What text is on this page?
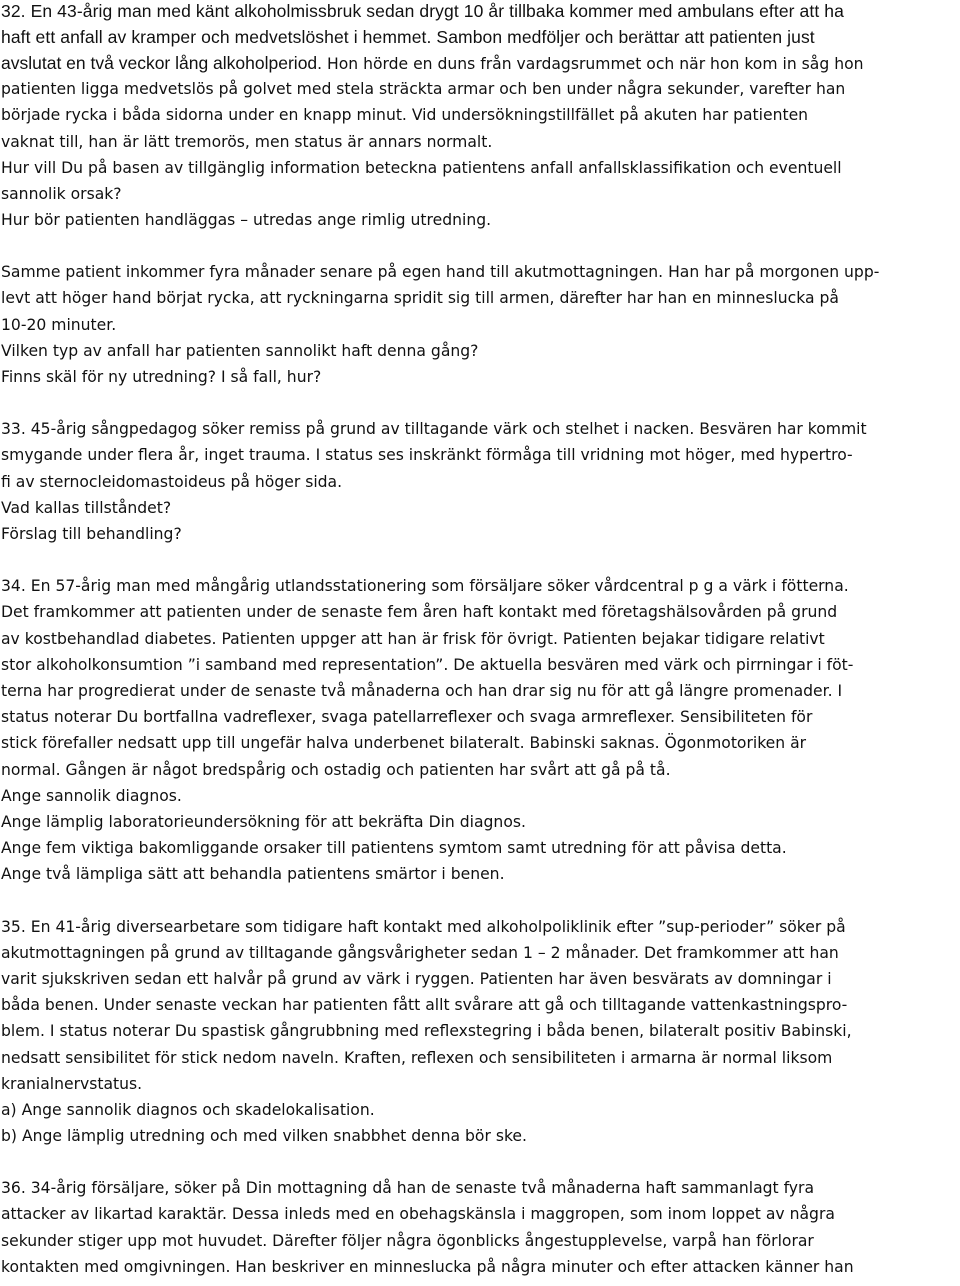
32. En 43-årig man med känt alkoholmissbruk sedan drygt 10 år tillbaka kommer med ambulans efter att ha
haft ett anfall av kramper och medvetslöshet i hemmet. Sambon medföljer och berättar att patienten just
avslutat en två veckor lång alkoholperiod. Hon hörde en duns från vardagsrummet och när hon kom in såg hon
patienten ligga medvetslös på golvet med stela sträckta armar och ben under några sekunder, varefter han
började rycka i båda sidorna under en knapp minut. Vid undersökningstillfället på akuten har patienten
vaknat till, han är lätt tremorös, men status är annars normalt.
Hur vill Du på basen av tillgänglig information beteckna patientens anfall anfallsklassifikation och eventuell
sannolik orsak?
Hur bör patienten handläggas – utredas ange rimlig utredning.
Samme patient inkommer fyra månader senare på egen hand till akutmottagningen. Han har på morgonen upp-
levt att höger hand börjat rycka, att ryckningarna spridit sig till armen, därefter har han en minneslucka på
10-20 minuter.
Vilken typ av anfall har patienten sannolikt haft denna gång?
Finns skäl för ny utredning? I så fall, hur?
33. 45-årig sångpedagog söker remiss på grund av tilltagande värk och stelhet i nacken. Besvären har kommit
smygande under flera år, inget trauma. I status ses inskränkt förmåga till vridning mot höger, med hypertro-
fi av sternocleidomastoideus på höger sida.
Vad kallas tillståndet?
Förslag till behandling?
34. En 57-årig man med mångårig utlandsstationering som försäljare söker vårdcentral p g a värk i fötterna.
Det framkommer att patienten under de senaste fem åren haft kontakt med företagshälsovården på grund
av kostbehandlad diabetes. Patienten uppger att han är frisk för övrigt. Patienten bejakar tidigare relativt
stor alkoholkonsumtion ”i samband med representation”. De aktuella besvären med värk och pirrningar i föt-
terna har progredierat under de senaste två månaderna och han drar sig nu för att gå längre promenader. I
status noterar Du bortfallna vadreflexer, svaga patellarreflexer och svaga armreflexer. Sensibiliteten för
stick förefaller nedsatt upp till ungefär halva underbenet bilateralt. Babinski saknas. Ögonmotoriken är
normal. Gången är något bredspårig och ostadig och patienten har svårt att gå på tå.
Ange sannolik diagnos.
Ange lämplig laboratorieundersökning för att bekräfta Din diagnos.
Ange fem viktiga bakomliggande orsaker till patientens symtom samt utredning för att påvisa detta.
Ange två lämpliga sätt att behandla patientens smärtor i benen.
35. En 41-årig diversearbetare som tidigare haft kontakt med alkoholpoliklinik efter ”sup-perioder” söker på
akutmottagningen på grund av tilltagande gångsvårigheter sedan 1 – 2 månader. Det framkommer att han
varit sjukskriven sedan ett halvår på grund av värk i ryggen. Patienten har även besvärats av domningar i
båda benen. Under senaste veckan har patienten fått allt svårare att gå och tilltagande vattenkastningspro-
blem. I status noterar Du spastisk gångrubbning med reflexstegring i båda benen, bilateralt positiv Babinski,
nedsatt sensibilitet för stick nedom naveln. Kraften, reflexen och sensibiliteten i armarna är normal liksom
kranialnervstatus.
a) Ange sannolik diagnos och skadelokalisation.
b) Ange lämplig utredning och med vilken snabbhet denna bör ske.
36. 34-årig försäljare, söker på Din mottagning då han de senaste två månaderna haft sammanlagt fyra
attacker av likartad karaktär. Dessa inleds med en obehagskänsla i maggropen, som inom loppet av några
sekunder stiger upp mot huvudet. Därefter följer några ögonblicks ångestupplevelse, varpå han förlorar
kontakten med omgivningen. Han beskriver en minneslucka på några minuter och efter attacken känner han
